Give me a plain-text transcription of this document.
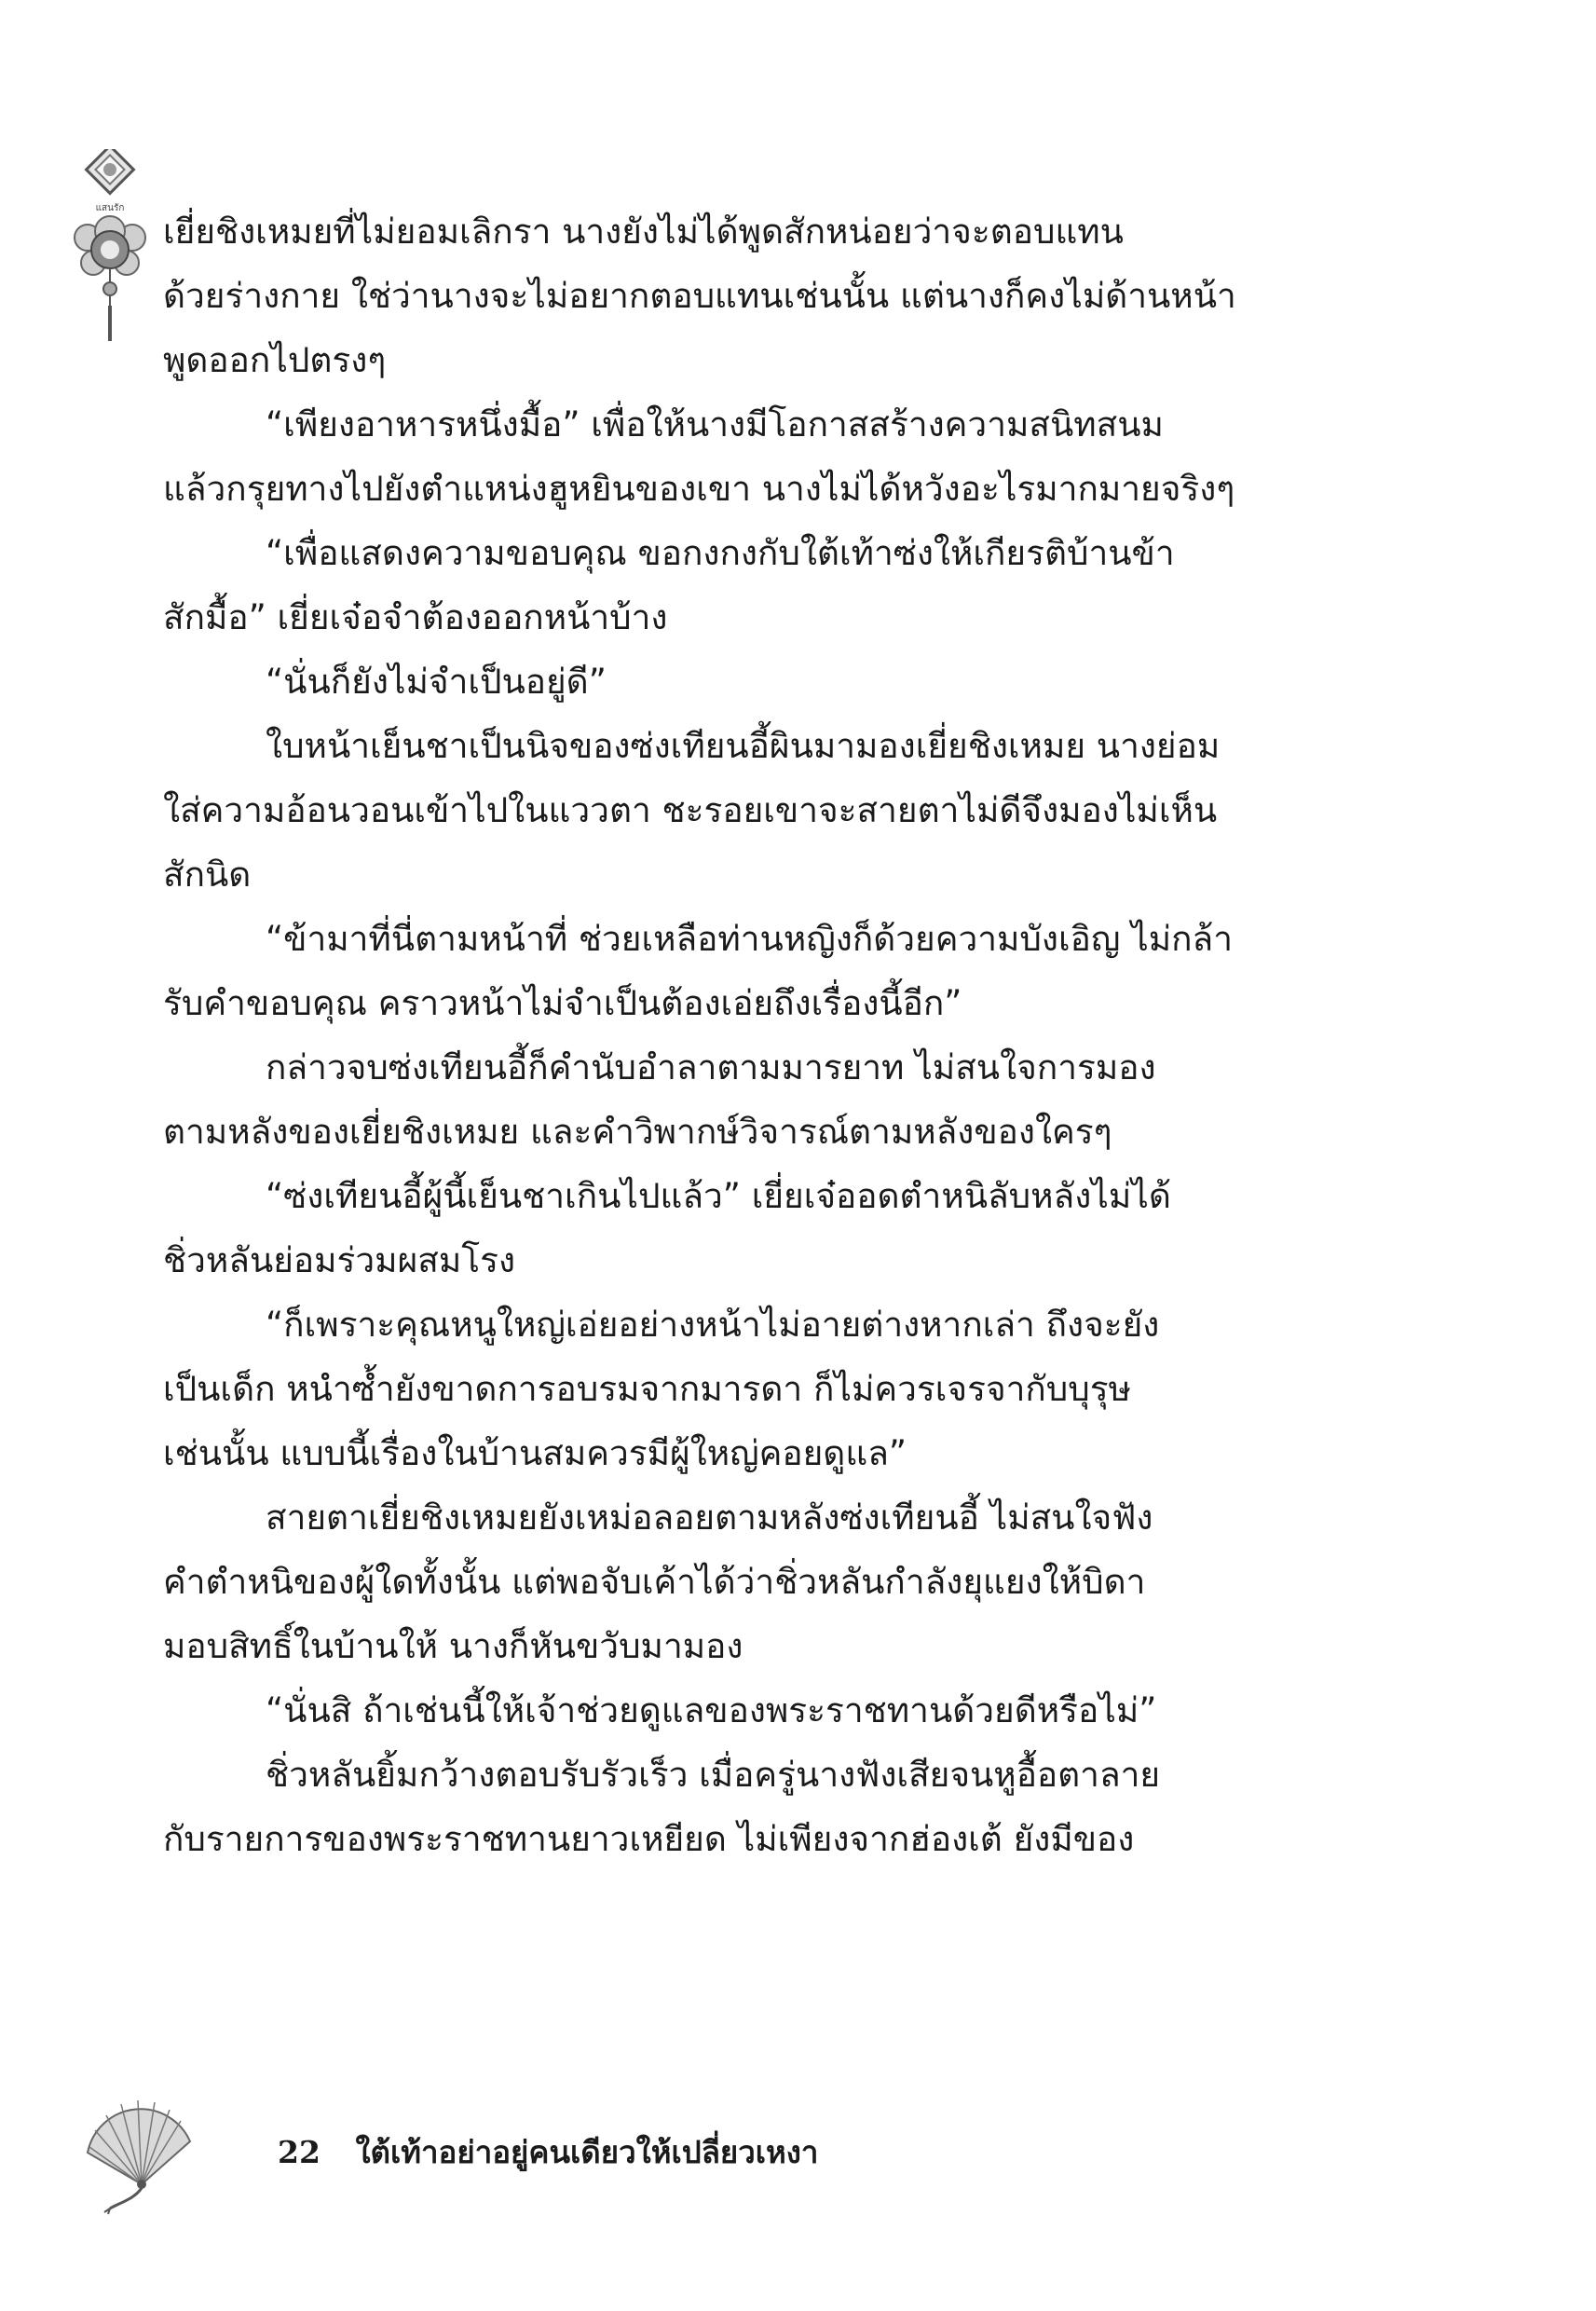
แสนรัก
เยี่ยชิงเหมยที่ไม่ยอมเลิกรา นางยังไม่ได้พูดสักหน่อยว่าจะตอบแทน
ด้วยร่างกาย ใช่ว่านางจะไม่อยากตอบแทนเช่นนั้น แต่นางก็คงไม่ด้านหน้า
พูดออกไปตรงๆ
“เพียงอาหารหนึ่งมื้อ” เพื่อให้นางมีโอกาสสร้างความสนิทสนม
แล้วกรุยทางไปยังตำแหน่งฮูหยินของเขา นางไม่ได้หวังอะไรมากมายจริงๆ
“เพื่อแสดงความขอบคุณ ขอกงกงกับใต้เท้าซ่งให้เกียรติบ้านข้า
สักมื้อ” เยี่ยเจ๋อจำต้องออกหน้าบ้าง
“นั่นก็ยังไม่จำเป็นอยู่ดี”
ใบหน้าเย็นชาเป็นนิจของซ่งเทียนอี้ผินมามองเยี่ยชิงเหมย นางย่อม
ใส่ความอ้อนวอนเข้าไปในแววตา ชะรอยเขาจะสายตาไม่ดีจึงมองไม่เห็น
สักนิด
“ข้ามาที่นี่ตามหน้าที่ ช่วยเหลือท่านหญิงก็ด้วยความบังเอิญ ไม่กล้า
รับคำขอบคุณ คราวหน้าไม่จำเป็นต้องเอ่ยถึงเรื่องนี้อีก”
กล่าวจบซ่งเทียนอี้ก็คำนับอำลาตามมารยาท ไม่สนใจการมอง
ตามหลังของเยี่ยชิงเหมย และคำวิพากษ์วิจารณ์ตามหลังของใครๆ
“ซ่งเทียนอี้ผู้นี้เย็นชาเกินไปแล้ว” เยี่ยเจ๋ออดตำหนิลับหลังไม่ได้
ชิ่วหลันย่อมร่วมผสมโรง
“ก็เพราะคุณหนูใหญ่เอ่ยอย่างหน้าไม่อายต่างหากเล่า ถึงจะยัง
เป็นเด็ก หนำซ้ำยังขาดการอบรมจากมารดา ก็ไม่ควรเจรจากับบุรุษ
เช่นนั้น แบบนี้เรื่องในบ้านสมควรมีผู้ใหญ่คอยดูแล”
สายตาเยี่ยชิงเหมยยังเหม่อลอยตามหลังซ่งเทียนอี้ ไม่สนใจฟัง
คำตำหนิของผู้ใดทั้งนั้น แต่พอจับเค้าได้ว่าชิ่วหลันกำลังยุแยงให้บิดา
มอบสิทธิ์ในบ้านให้ นางก็หันขวับมามอง
“นั่นสิ ถ้าเช่นนี้ให้เจ้าช่วยดูแลของพระราชทานด้วยดีหรือไม่”
ชิ่วหลันยิ้มกว้างตอบรับรัวเร็ว เมื่อครู่นางฟังเสียจนหูอื้อตาลาย
กับรายการของพระราชทานยาวเหยียด ไม่เพียงจากฮ่องเต้ ยังมีของ
22 ใต้เท้าอย่าอยู่คนเดียวให้เปลี่ยวเหงา
